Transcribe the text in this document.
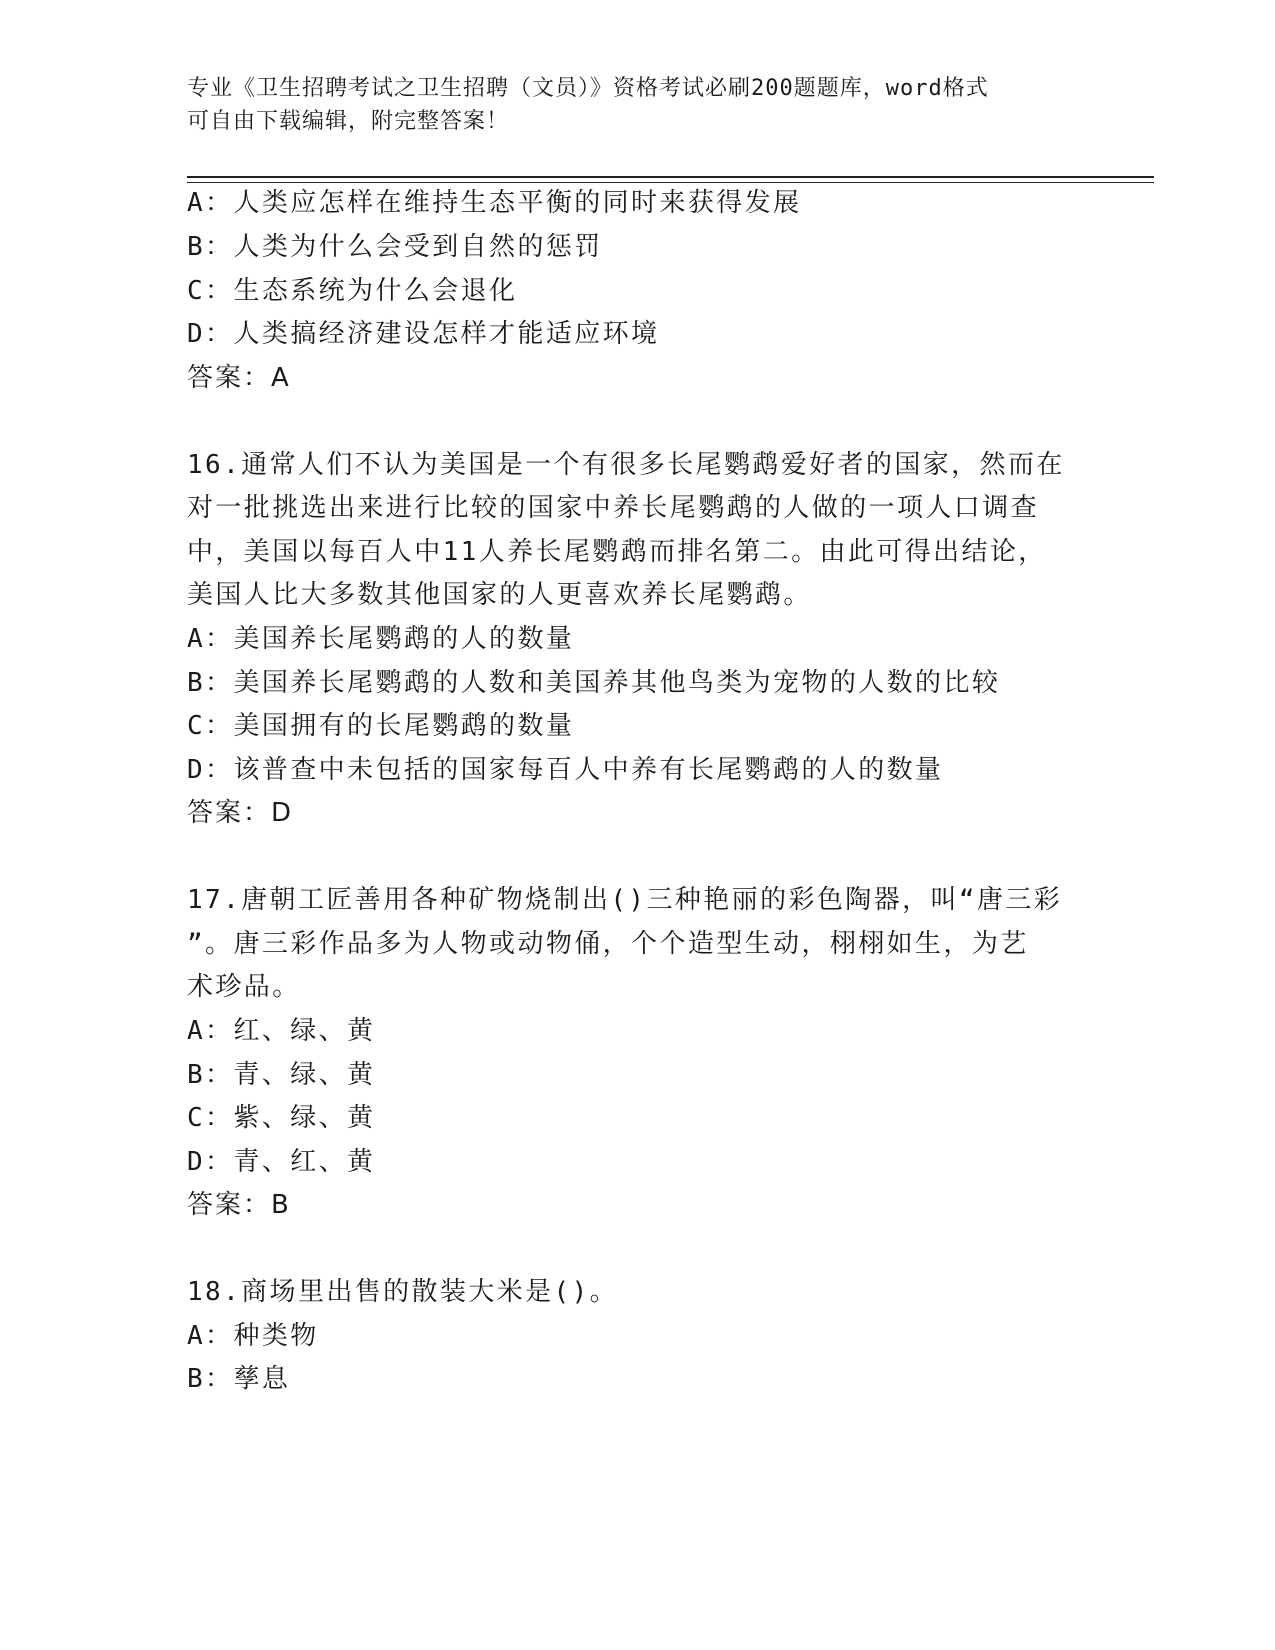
专业《卫生招聘考试之卫生招聘（文员）》资格考试必刷200题题库，word格式
可自由下载编辑，附完整答案！
A：人类应怎样在维持生态平衡的同时来获得发展
B：人类为什么会受到自然的惩罚
C：生态系统为什么会退化
D：人类搞经济建设怎样才能适应环境
答案：A
16.通常人们不认为美国是一个有很多长尾鹦鹉爱好者的国家，然而在
对一批挑选出来进行比较的国家中养长尾鹦鹉的人做的一项人口调查
中，美国以每百人中11人养长尾鹦鹉而排名第二。由此可得出结论，
美国人比大多数其他国家的人更喜欢养长尾鹦鹉。
A：美国养长尾鹦鹉的人的数量
B：美国养长尾鹦鹉的人数和美国养其他鸟类为宠物的人数的比较
C：美国拥有的长尾鹦鹉的数量
D：该普查中未包括的国家每百人中养有长尾鹦鹉的人的数量
答案：D
17.唐朝工匠善用各种矿物烧制出()三种艳丽的彩色陶器，叫“唐三彩
”。唐三彩作品多为人物或动物俑，个个造型生动，栩栩如生，为艺
术珍品。
A：红、绿、黄
B：青、绿、黄
C：紫、绿、黄
D：青、红、黄
答案：B
18.商场里出售的散装大米是()。
A：种类物
B：孳息
